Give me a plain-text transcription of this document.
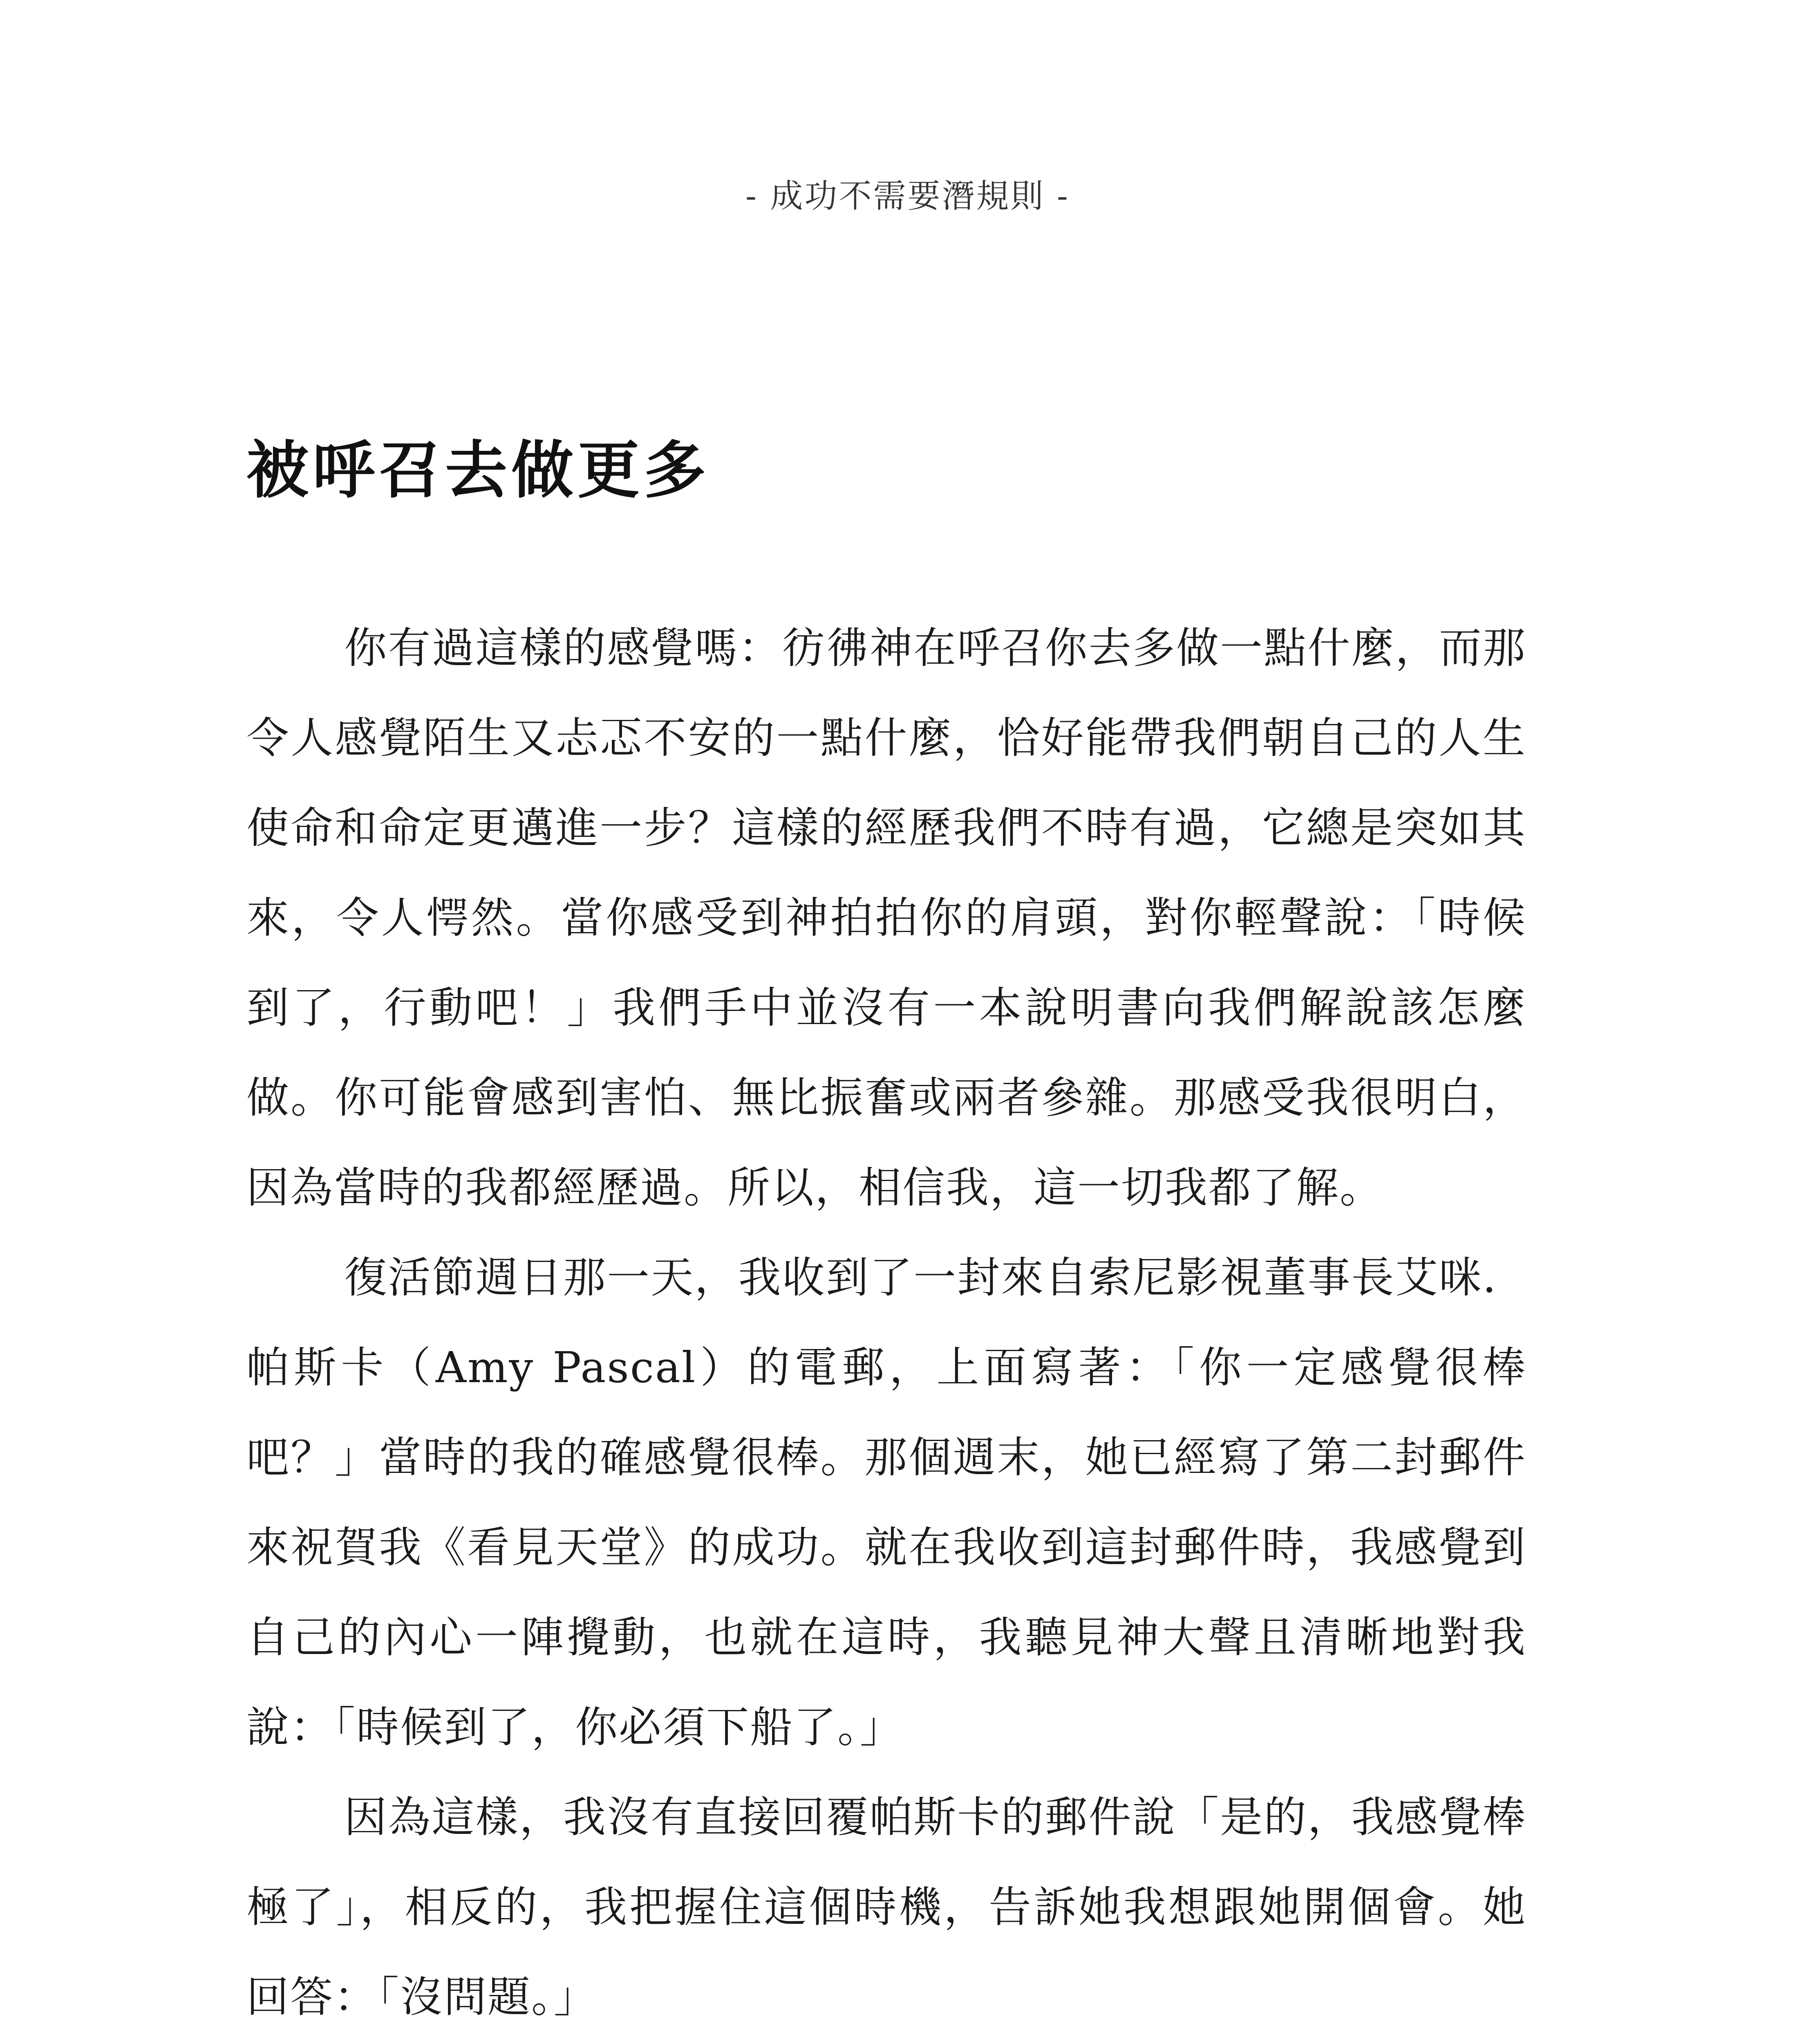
- 成功不需要潛規則 -
被呼召去做更多

你有過這樣的感覺嗎：彷彿神在呼召你去多做一點什麼，而那令人感覺陌生又忐忑不安的一點什麼，恰好能帶我們朝自己的人生使命和命定更邁進一步？這樣的經歷我們不時有過，它總是突如其來，令人愕然。當你感受到神拍拍你的肩頭，對你輕聲說：「時候到了，行動吧！」我們手中並沒有一本說明書向我們解說該怎麼做。你可能會感到害怕、無比振奮或兩者參雜。那感受我很明白，因為當時的我都經歷過。所以，相信我，這一切我都了解。

復活節週日那一天，我收到了一封來自索尼影視董事長艾咪．帕斯卡（Amy Pascal）的電郵，上面寫著：「你一定感覺很棒吧？」當時的我的確感覺很棒。那個週末，她已經寫了第二封郵件來祝賀我《看見天堂》的成功。就在我收到這封郵件時，我感覺到自己的內心一陣攪動，也就在這時，我聽見神大聲且清晰地對我說：「時候到了，你必須下船了。」

因為這樣，我沒有直接回覆帕斯卡的郵件說「是的，我感覺棒極了」，相反的，我把握住這個時機，告訴她我想跟她開個會。她回答：「沒問題。」
